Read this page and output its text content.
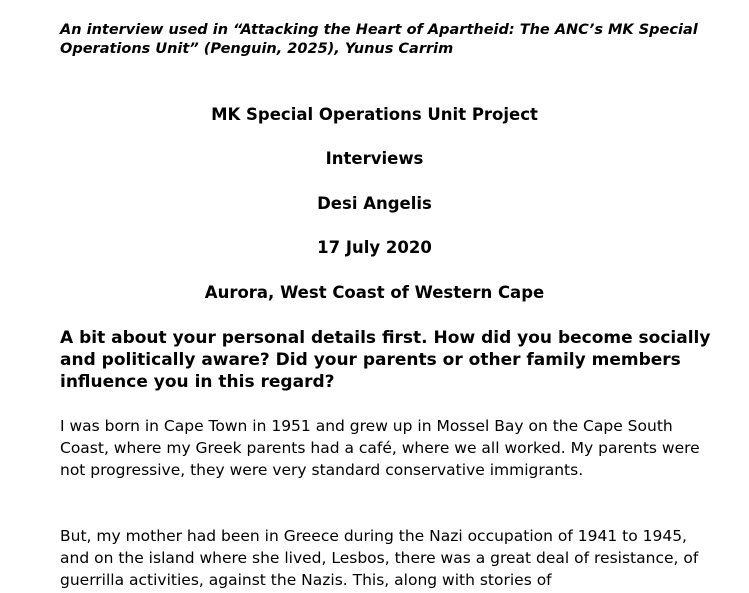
An interview used in “Attacking the Heart of Apartheid: The ANC’s MK Special Operations Unit” (Penguin, 2025), Yunus Carrim
MK Special Operations Unit Project
Interviews
Desi Angelis
17 July 2020
Aurora, West Coast of Western Cape
A bit about your personal details first. How did you become socially and politically aware? Did your parents or other family members influence you in this regard?
I was born in Cape Town in 1951 and grew up in Mossel Bay on the Cape South Coast, where my Greek parents had a café, where we all worked. My parents were not progressive, they were very standard conservative immigrants.
But, my mother had been in Greece during the Nazi occupation of 1941 to 1945, and on the island where she lived, Lesbos, there was a great deal of resistance, of guerrilla activities, against the Nazis. This, along with stories of
